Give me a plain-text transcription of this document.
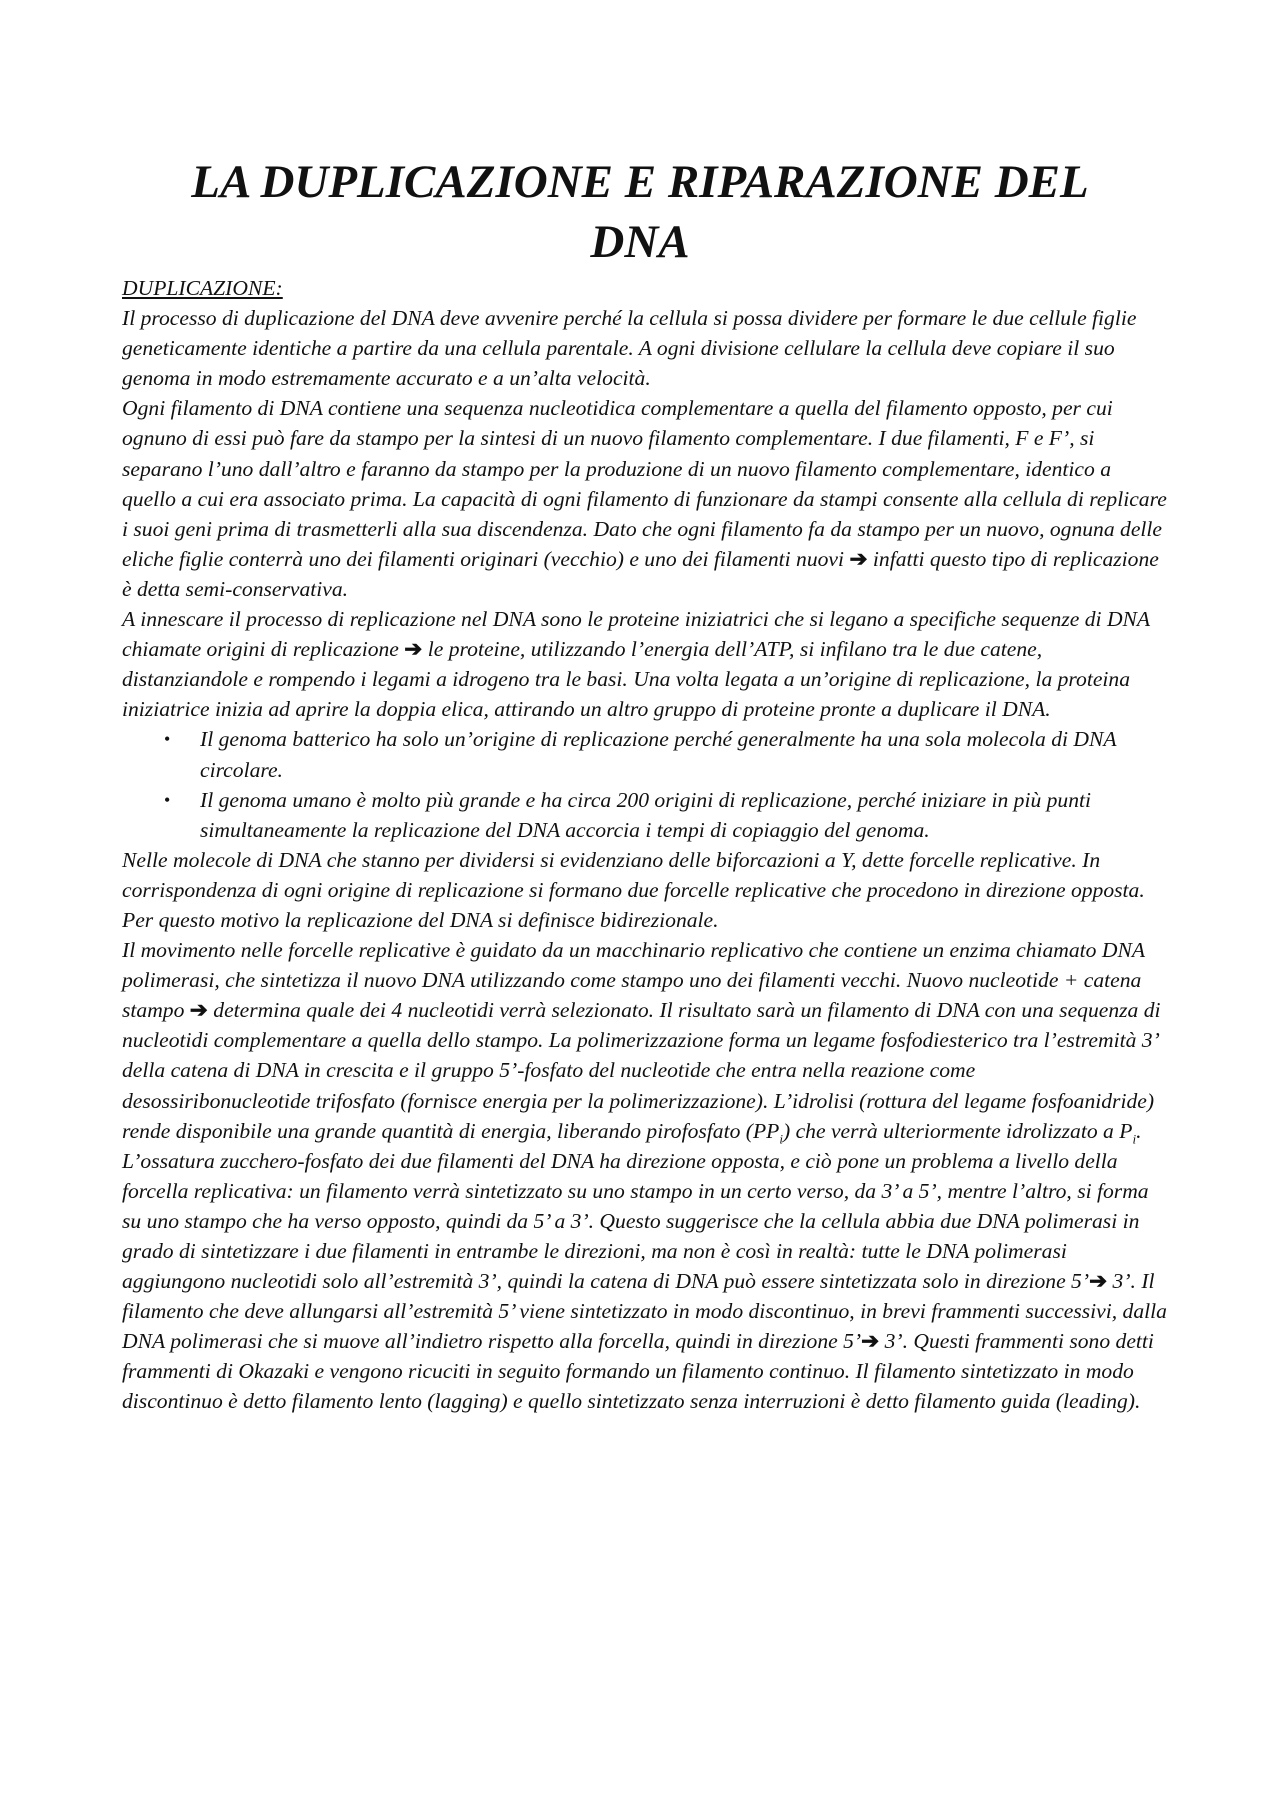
LA DUPLICAZIONE E RIPARAZIONE DEL DNA

DUPLICAZIONE:

Il processo di duplicazione del DNA deve avvenire perché la cellula si possa dividere per formare le due cellule figlie geneticamente identiche a partire da una cellula parentale. A ogni divisione cellulare la cellula deve copiare il suo genoma in modo estremamente accurato e a un’alta velocità.

Ogni filamento di DNA contiene una sequenza nucleotidica complementare a quella del filamento opposto, per cui ognuno di essi può fare da stampo per la sintesi di un nuovo filamento complementare. I due filamenti, F e F’, si separano l’uno dall’altro e faranno da stampo per la produzione di un nuovo filamento complementare, identico a quello a cui era associato prima. La capacità di ogni filamento di funzionare da stampi consente alla cellula di replicare i suoi geni prima di trasmetterli alla sua discendenza. Dato che ogni filamento fa da stampo per un nuovo, ognuna delle eliche figlie conterrà uno dei filamenti originari (vecchio) e uno dei filamenti nuovi ➔ infatti questo tipo di replicazione è detta semi-conservativa.

A innescare il processo di replicazione nel DNA sono le proteine iniziatrici che si legano a specifiche sequenze di DNA chiamate origini di replicazione ➔ le proteine, utilizzando l’energia dell’ATP, si infilano tra le due catene, distanziandole e rompendo i legami a idrogeno tra le basi. Una volta legata a un’origine di replicazione, la proteina iniziatrice inizia ad aprire la doppia elica, attirando un altro gruppo di proteine pronte a duplicare il DNA.

• Il genoma batterico ha solo un’origine di replicazione perché generalmente ha una sola molecola di DNA circolare.
• Il genoma umano è molto più grande e ha circa 200 origini di replicazione, perché iniziare in più punti simultaneamente la replicazione del DNA accorcia i tempi di copiaggio del genoma.

Nelle molecole di DNA che stanno per dividersi si evidenziano delle biforcazioni a Y, dette forcelle replicative. In corrispondenza di ogni origine di replicazione si formano due forcelle replicative che procedono in direzione opposta. Per questo motivo la replicazione del DNA si definisce bidirezionale.

Il movimento nelle forcelle replicative è guidato da un macchinario replicativo che contiene un enzima chiamato DNA polimerasi, che sintetizza il nuovo DNA utilizzando come stampo uno dei filamenti vecchi. Nuovo nucleotide + catena stampo ➔ determina quale dei 4 nucleotidi verrà selezionato. Il risultato sarà un filamento di DNA con una sequenza di nucleotidi complementare a quella dello stampo. La polimerizzazione forma un legame fosfodiesterico tra l’estremità 3’ della catena di DNA in crescita e il gruppo 5’-fosfato del nucleotide che entra nella reazione come desossiribonucleotide trifosfato (fornisce energia per la polimerizzazione). L’idrolisi (rottura del legame fosfoanidride) rende disponibile una grande quantità di energia, liberando pirofosfato $(PP_i)$ che verrà ulteriormente idrolizzato a $P_i$.

L’ossatura zucchero-fosfato dei due filamenti del DNA ha direzione opposta, e ciò pone un problema a livello della forcella replicativa: un filamento verrà sintetizzato su uno stampo in un certo verso, da 3’ a 5’, mentre l’altro, si forma su uno stampo che ha verso opposto, quindi da 5’ a 3’. Questo suggerisce che la cellula abbia due DNA polimerasi in grado di sintetizzare i due filamenti in entrambe le direzioni, ma non è così in realtà: tutte le DNA polimerasi aggiungono nucleotidi solo all’estremità 3’, quindi la catena di DNA può essere sintetizzata solo in direzione 5’➔ 3’. Il filamento che deve allungarsi all’estremità 5’ viene sintetizzato in modo discontinuo, in brevi frammenti successivi, dalla DNA polimerasi che si muove all’indietro rispetto alla forcella, quindi in direzione 5’➔ 3’. Questi frammenti sono detti frammenti di Okazaki e vengono ricuciti in seguito formando un filamento continuo. Il filamento sintetizzato in modo discontinuo è detto filamento lento (lagging) e quello sintetizzato senza interruzioni è detto filamento guida (leading).
